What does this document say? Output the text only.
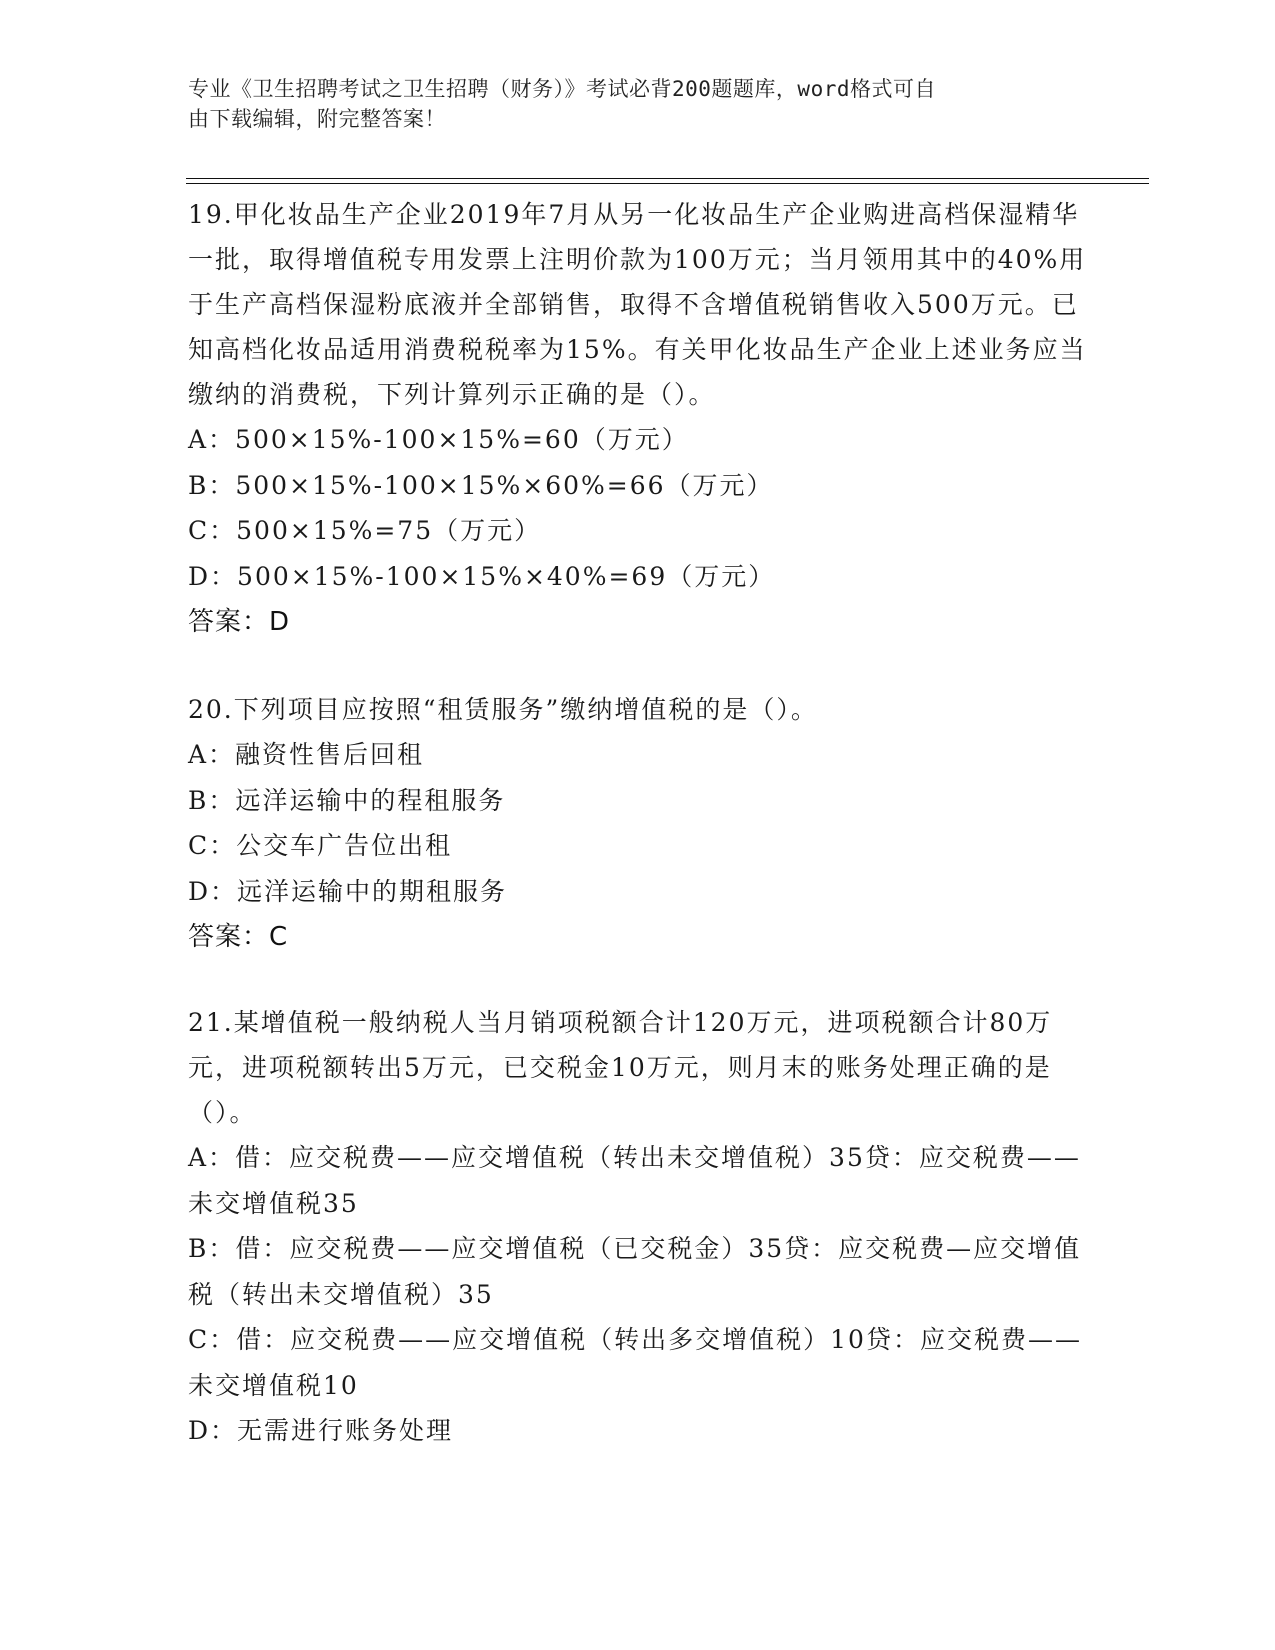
专业《卫生招聘考试之卫生招聘（财务）》考试必背200题题库，word格式可自
由下载编辑，附完整答案！

19.甲化妆品生产企业2019年7月从另一化妆品生产企业购进高档保湿精华一批，取得增值税专用发票上注明价款为100万元；当月领用其中的40%用于生产高档保湿粉底液并全部销售，取得不含增值税销售收入500万元。已知高档化妆品适用消费税税率为15%。有关甲化妆品生产企业上述业务应当缴纳的消费税，下列计算列示正确的是（）。

A：500×15%-100×15%=60（万元）

B：500×15%-100×15%×60%=66（万元）

C：500×15%=75（万元）

D：500×15%-100×15%×40%=69（万元）

答案：D

20.下列项目应按照“租赁服务”缴纳增值税的是（）。

A：融资性售后回租

B：远洋运输中的程租服务

C：公交车广告位出租

D：远洋运输中的期租服务

答案：C

21.某增值税一般纳税人当月销项税额合计120万元，进项税额合计80万元，进项税额转出5万元，已交税金10万元，则月末的账务处理正确的是（）。

A：借：应交税费——应交增值税（转出未交增值税）35贷：应交税费——未交增值税35

B：借：应交税费——应交增值税（已交税金）35贷：应交税费—应交增值税（转出未交增值税）35

C：借：应交税费——应交增值税（转出多交增值税）10贷：应交税费——未交增值税10

D：无需进行账务处理
